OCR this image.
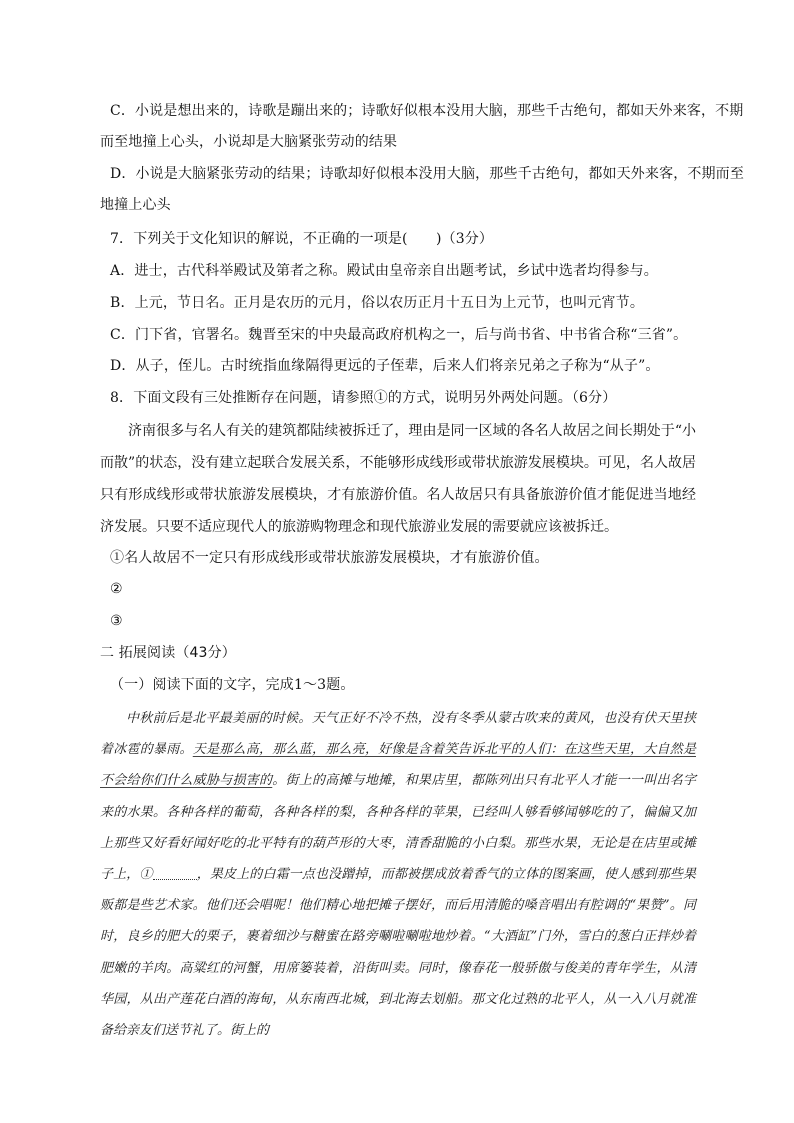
C．小说是想出来的，诗歌是蹦出来的；诗歌好似根本没用大脑，那些千古绝句，都如天外来客，不期
而至地撞上心头，小说却是大脑紧张劳动的结果
D．小说是大脑紧张劳动的结果；诗歌却好似根本没用大脑，那些千古绝句，都如天外来客，不期而至
地撞上心头
7．下列关于文化知识的解说，不正确的一项是(　　)（3分）
A．进士，古代科举殿试及第者之称。殿试由皇帝亲自出题考试，乡试中选者均得参与。
B．上元，节日名。正月是农历的元月，俗以农历正月十五日为上元节，也叫元宵节。
C．门下省，官署名。魏晋至宋的中央最高政府机构之一，后与尚书省、中书省合称“三省”。
D．从子，侄儿。古时统指血缘隔得更远的子侄辈，后来人们将亲兄弟之子称为“从子”。
8．下面文段有三处推断存在问题，请参照①的方式，说明另外两处问题。（6分）
济南很多与名人有关的建筑都陆续被拆迁了，理由是同一区域的各名人故居之间长期处于“小而散”的状态，没有建立起联合发展关系，不能够形成线形或带状旅游发展模块。可见，名人故居只有形成线形或带状旅游发展模块，才有旅游价值。名人故居只有具备旅游价值才能促进当地经济发展。只要不适应现代人的旅游购物理念和现代旅游业发展的需要就应该被拆迁。
①名人故居不一定只有形成线形或带状旅游发展模块，才有旅游价值。
②
③
二 拓展阅读（43分）
（一）阅读下面的文字，完成1～3题。

中秋前后是北平最美丽的时候。天气正好不冷不热，没有冬季从蒙古吹来的黄风，也没有伏天里挟着冰雹的暴雨。天是那么高，那么蓝，那么亮，好像是含着笑告诉北平的人们：在这些天里，大自然是不会给你们什么威胁与损害的。街上的高摊与地摊，和果店里，都陈列出只有北平人才能一一叫出名字来的水果。各种各样的葡萄，各种各样的梨，各种各样的苹果，已经叫人够看够闻够吃的了，偏偏又加上那些又好看好闻好吃的北平特有的葫芦形的大枣，清香甜脆的小白梨。那些水果，无论是在店里或摊子上，①	，果皮上的白霜一点也没蹭掉，而都被摆成放着香气的立体的图案画，使人感到那些果贩都是些艺术家。他们还会唱呢！他们精心地把摊子摆好，而后用清脆的嗓音唱出有腔调的“果赞”。同时，良乡的肥大的栗子，裹着细沙与糖蜜在路旁唰啦唰啦地炒着。“大酒缸”门外，雪白的葱白正拌炒着肥嫩的羊肉。高粱红的河蟹，用席篓装着，沿街叫卖。同时，像春花一般骄傲与俊美的青年学生，从清华园，从出产莲花白酒的海甸，从东南西北城，到北海去划船。那文化过熟的北平人，从一入八月就准备给亲友们送节礼了。街上的
